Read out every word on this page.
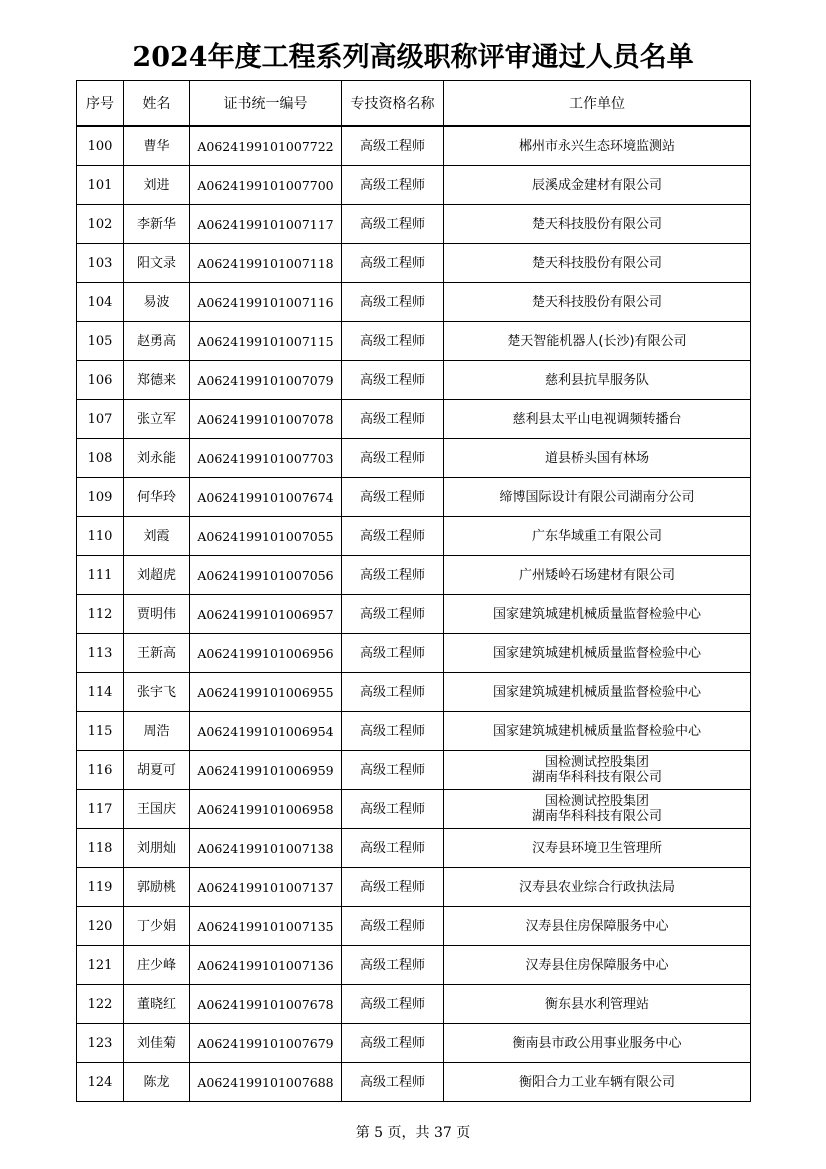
2024年度工程系列高级职称评审通过人员名单
序号	姓名	证书统一编号	专技资格名称	工作单位
100	曹华	A0624199101007722	高级工程师	郴州市永兴生态环境监测站
101	刘进	A0624199101007700	高级工程师	辰溪成金建材有限公司
102	李新华	A0624199101007117	高级工程师	楚天科技股份有限公司
103	阳文录	A0624199101007118	高级工程师	楚天科技股份有限公司
104	易波	A0624199101007116	高级工程师	楚天科技股份有限公司
105	赵勇高	A0624199101007115	高级工程师	楚天智能机器人(长沙)有限公司
106	郑德来	A0624199101007079	高级工程师	慈利县抗旱服务队
107	张立军	A0624199101007078	高级工程师	慈利县太平山电视调频转播台
108	刘永能	A0624199101007703	高级工程师	道县桥头国有林场
109	何华玲	A0624199101007674	高级工程师	缔博国际设计有限公司湖南分公司
110	刘霞	A0624199101007055	高级工程师	广东华域重工有限公司
111	刘超虎	A0624199101007056	高级工程师	广州矮岭石场建材有限公司
112	贾明伟	A0624199101006957	高级工程师	国家建筑城建机械质量监督检验中心
113	王新高	A0624199101006956	高级工程师	国家建筑城建机械质量监督检验中心
114	张宇飞	A0624199101006955	高级工程师	国家建筑城建机械质量监督检验中心
115	周浩	A0624199101006954	高级工程师	国家建筑城建机械质量监督检验中心
116	胡夏可	A0624199101006959	高级工程师	国检测试控股集团
湖南华科科技有限公司

117	王国庆	A0624199101006958	高级工程师	国检测试控股集团
湖南华科科技有限公司

118	刘朋灿	A0624199101007138	高级工程师	汉寿县环境卫生管理所
119	郭励桃	A0624199101007137	高级工程师	汉寿县农业综合行政执法局
120	丁少娟	A0624199101007135	高级工程师	汉寿县住房保障服务中心
121	庄少峰	A0624199101007136	高级工程师	汉寿县住房保障服务中心
122	董晓红	A0624199101007678	高级工程师	衡东县水利管理站
123	刘佳菊	A0624199101007679	高级工程师	衡南县市政公用事业服务中心
124	陈龙	A0624199101007688	高级工程师	衡阳合力工业车辆有限公司
第 5 页，共 37 页
